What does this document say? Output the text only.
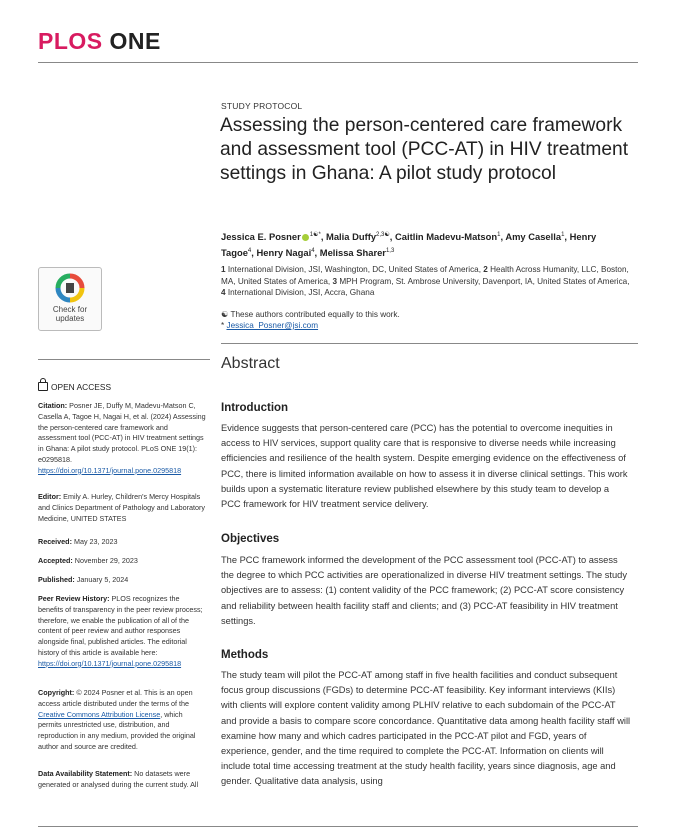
PLOS ONE
STUDY PROTOCOL
Assessing the person-centered care framework and assessment tool (PCC-AT) in HIV treatment settings in Ghana: A pilot study protocol
Jessica E. Posner $^{1☯*}$, Malia Duffy$^{2,3☯}$, Caitlin Madevu-Matson$^1$, Amy Casella$^1$, Henry Tagoe$^4$, Henry Nagai$^4$, Melissa Sharer$^{1,3}$
1 International Division, JSI, Washington, DC, United States of America, 2 Health Across Humanity, LLC, Boston, MA, United States of America, 3 MPH Program, St. Ambrose University, Davenport, IA, United States of America, 4 International Division, JSI, Accra, Ghana
☯ These authors contributed equally to this work.
* Jessica_Posner@jsi.com
Check for
updates
OPEN ACCESS
Citation: Posner JE, Duffy M, Madevu-Matson C, Casella A, Tagoe H, Nagai H, et al. (2024) Assessing the person-centered care framework and assessment tool (PCC-AT) in HIV treatment settings in Ghana: A pilot study protocol. PLoS ONE 19(1): e0295818. https://doi.org/10.1371/journal.pone.0295818
Editor: Emily A. Hurley, Children's Mercy Hospitals and Clinics Department of Pathology and Laboratory Medicine, UNITED STATES
Received: May 23, 2023
Accepted: November 29, 2023
Published: January 5, 2024
Peer Review History: PLOS recognizes the benefits of transparency in the peer review process; therefore, we enable the publication of all of the content of peer review and author responses alongside final, published articles. The editorial history of this article is available here: https://doi.org/10.1371/journal.pone.0295818
Copyright: © 2024 Posner et al. This is an open access article distributed under the terms of the Creative Commons Attribution License, which permits unrestricted use, distribution, and reproduction in any medium, provided the original author and source are credited.
Data Availability Statement: No datasets were generated or analysed during the current study. All
Abstract
Introduction

Evidence suggests that person-centered care (PCC) has the potential to overcome inequities in access to HIV services, support quality care that is responsive to diverse needs while increasing efficiencies and resilience of the health system. Despite emerging evidence on the effectiveness of PCC, there is limited information available on how to assess it in diverse clinical settings. This work builds upon a systematic literature review published elsewhere by this study team to develop a PCC framework for HIV treatment service delivery.

Objectives

The PCC framework informed the development of the PCC assessment tool (PCC-AT) to assess the degree to which PCC activities are operationalized in diverse HIV treatment settings. The study objectives are to assess: (1) content validity of the PCC framework; (2) PCC-AT score consistency and reliability between health facility staff and clients; and (3) PCC-AT feasibility in HIV treatment settings.

Methods

The study team will pilot the PCC-AT among staff in five health facilities and conduct subsequent focus group discussions (FGDs) to determine PCC-AT feasibility. Key informant interviews (KIIs) with clients will explore content validity among PLHIV relative to each subdomain of the PCC-AT and provide a basis to compare score concordance. Quantitative data among health facility staff will examine how many and which cadres participated in the PCC-AT pilot and FGD, years of experience, gender, and the time required to complete the PCC-AT. Information on clients will include total time accessing treatment at the study health facility, years since diagnosis, age and gender. Qualitative data analysis, using
